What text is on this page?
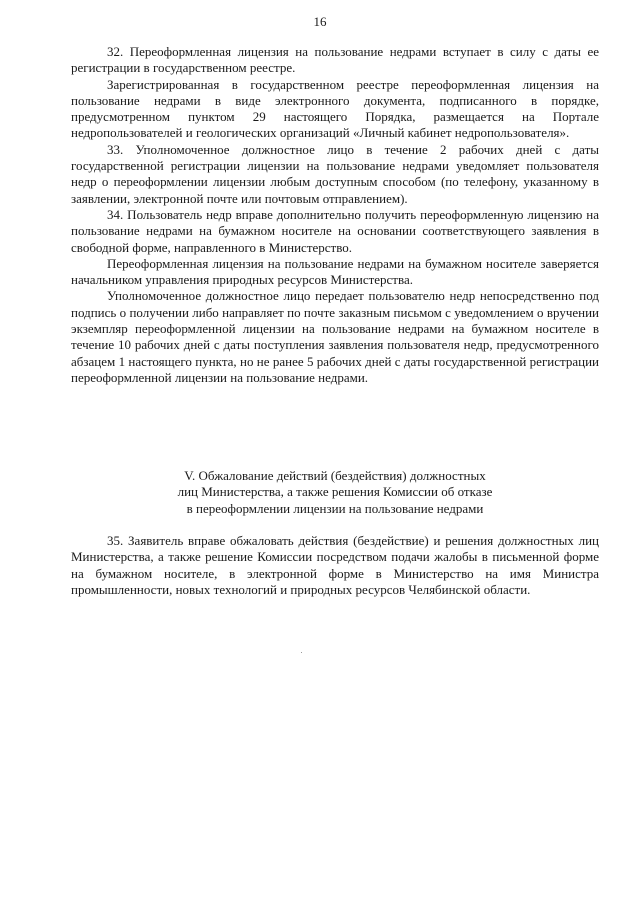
16

32. Переоформленная лицензия на пользование недрами вступает в силу с даты ее регистрации в государственном реестре.

Зарегистрированная в государственном реестре переоформленная лицензия на пользование недрами в виде электронного документа, подписанного в порядке, предусмотренном пунктом 29 настоящего Порядка, размещается на Портале недропользователей и геологических организаций «Личный кабинет недропользователя».

33. Уполномоченное должностное лицо в течение 2 рабочих дней с даты государственной регистрации лицензии на пользование недрами уведомляет пользователя недр о переоформлении лицензии любым доступным способом (по телефону, указанному в заявлении, электронной почте или почтовым отправлением).

34. Пользователь недр вправе дополнительно получить переоформленную лицензию на пользование недрами на бумажном носителе на основании соответствующего заявления в свободной форме, направленного в Министерство.

Переоформленная лицензия на пользование недрами на бумажном носителе заверяется начальником управления природных ресурсов Министерства.

Уполномоченное должностное лицо передает пользователю недр непосредственно под подпись о получении либо направляет по почте заказным письмом с уведомлением о вручении экземпляр переоформленной лицензии на пользование недрами на бумажном носителе в течение 10 рабочих дней с даты поступления заявления пользователя недр, предусмотренного абзацем 1 настоящего пункта, но не ранее 5 рабочих дней с даты государственной регистрации переоформленной лицензии на пользование недрами.

V. Обжалование действий (бездействия) должностных
лиц Министерства, а также решения Комиссии об отказе
в переоформлении лицензии на пользование недрами

35. Заявитель вправе обжаловать действия (бездействие) и решения должностных лиц Министерства, а также решение Комиссии посредством подачи жалобы в письменной форме на бумажном носителе, в электронной форме в Министерство на имя Министра промышленности, новых технологий и природных ресурсов Челябинской области.
